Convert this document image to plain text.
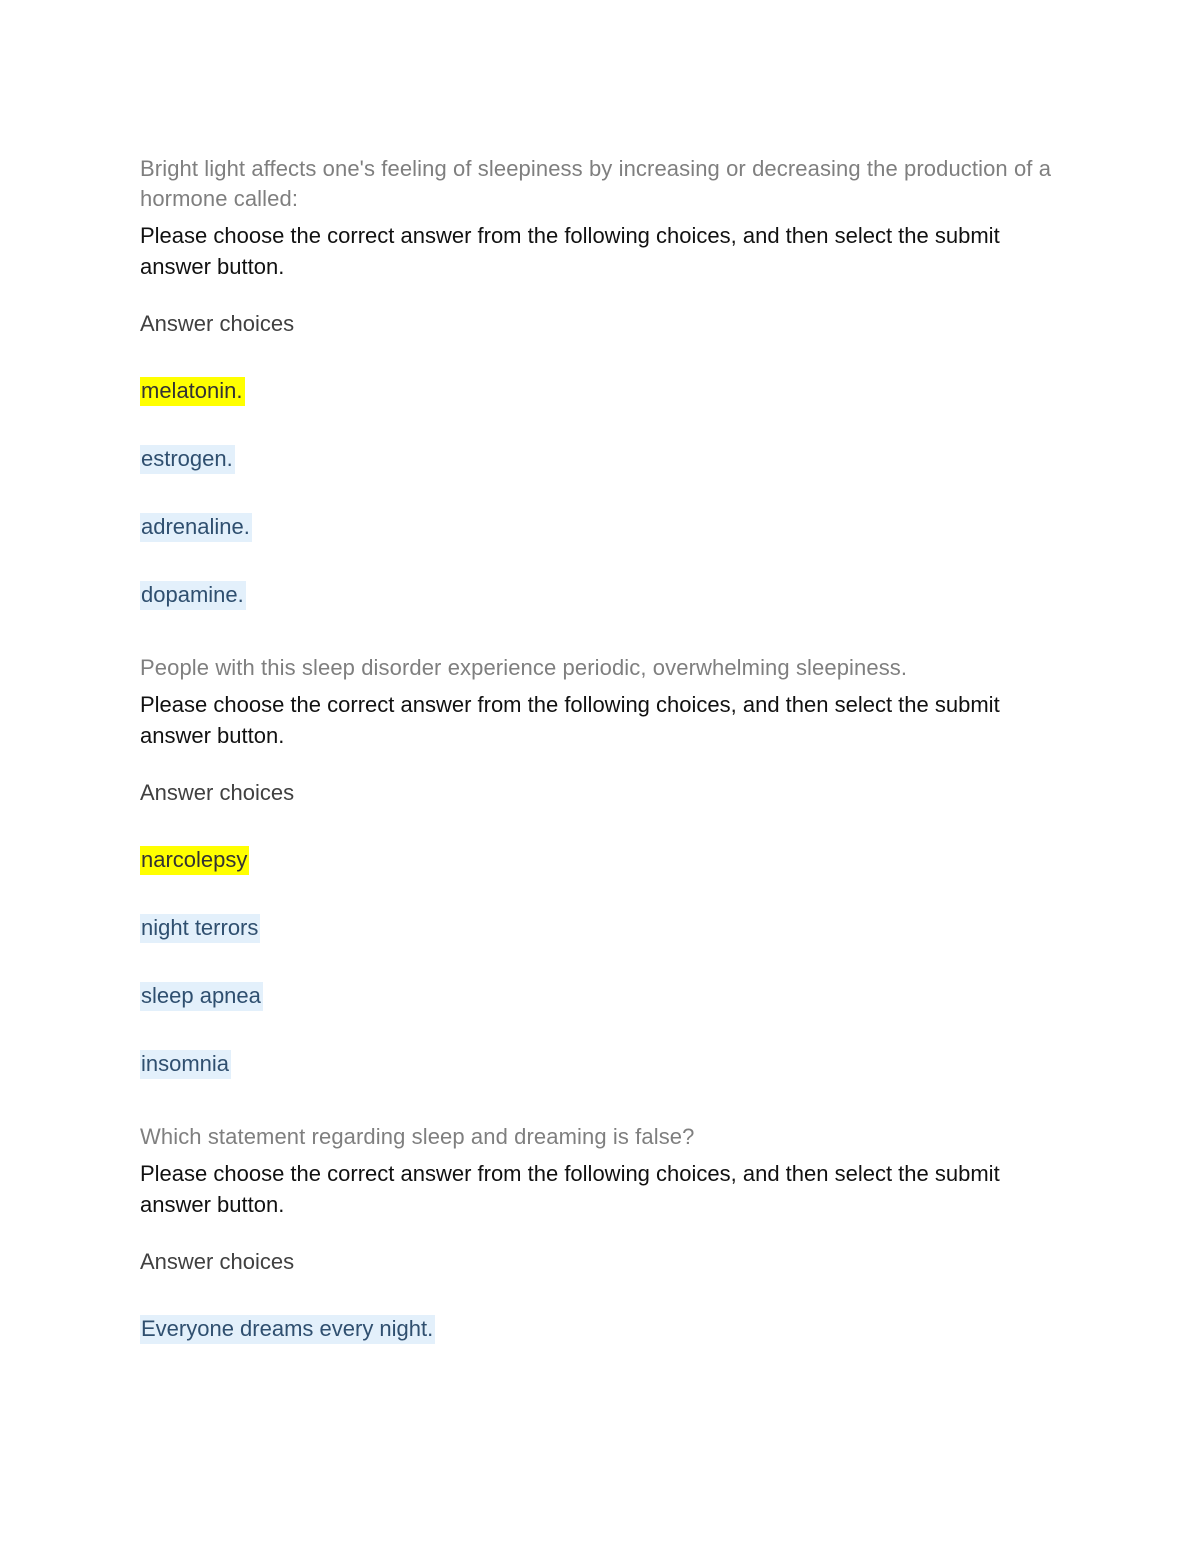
Bright light affects one's feeling of sleepiness by increasing or decreasing the production of a hormone called:

Please choose the correct answer from the following choices, and then select the submit answer button.

Answer choices

melatonin.
estrogen.
adrenaline.
dopamine.

People with this sleep disorder experience periodic, overwhelming sleepiness.

Please choose the correct answer from the following choices, and then select the submit answer button.

Answer choices

narcolepsy
night terrors
sleep apnea
insomnia

Which statement regarding sleep and dreaming is false?

Please choose the correct answer from the following choices, and then select the submit answer button.

Answer choices

Everyone dreams every night.
